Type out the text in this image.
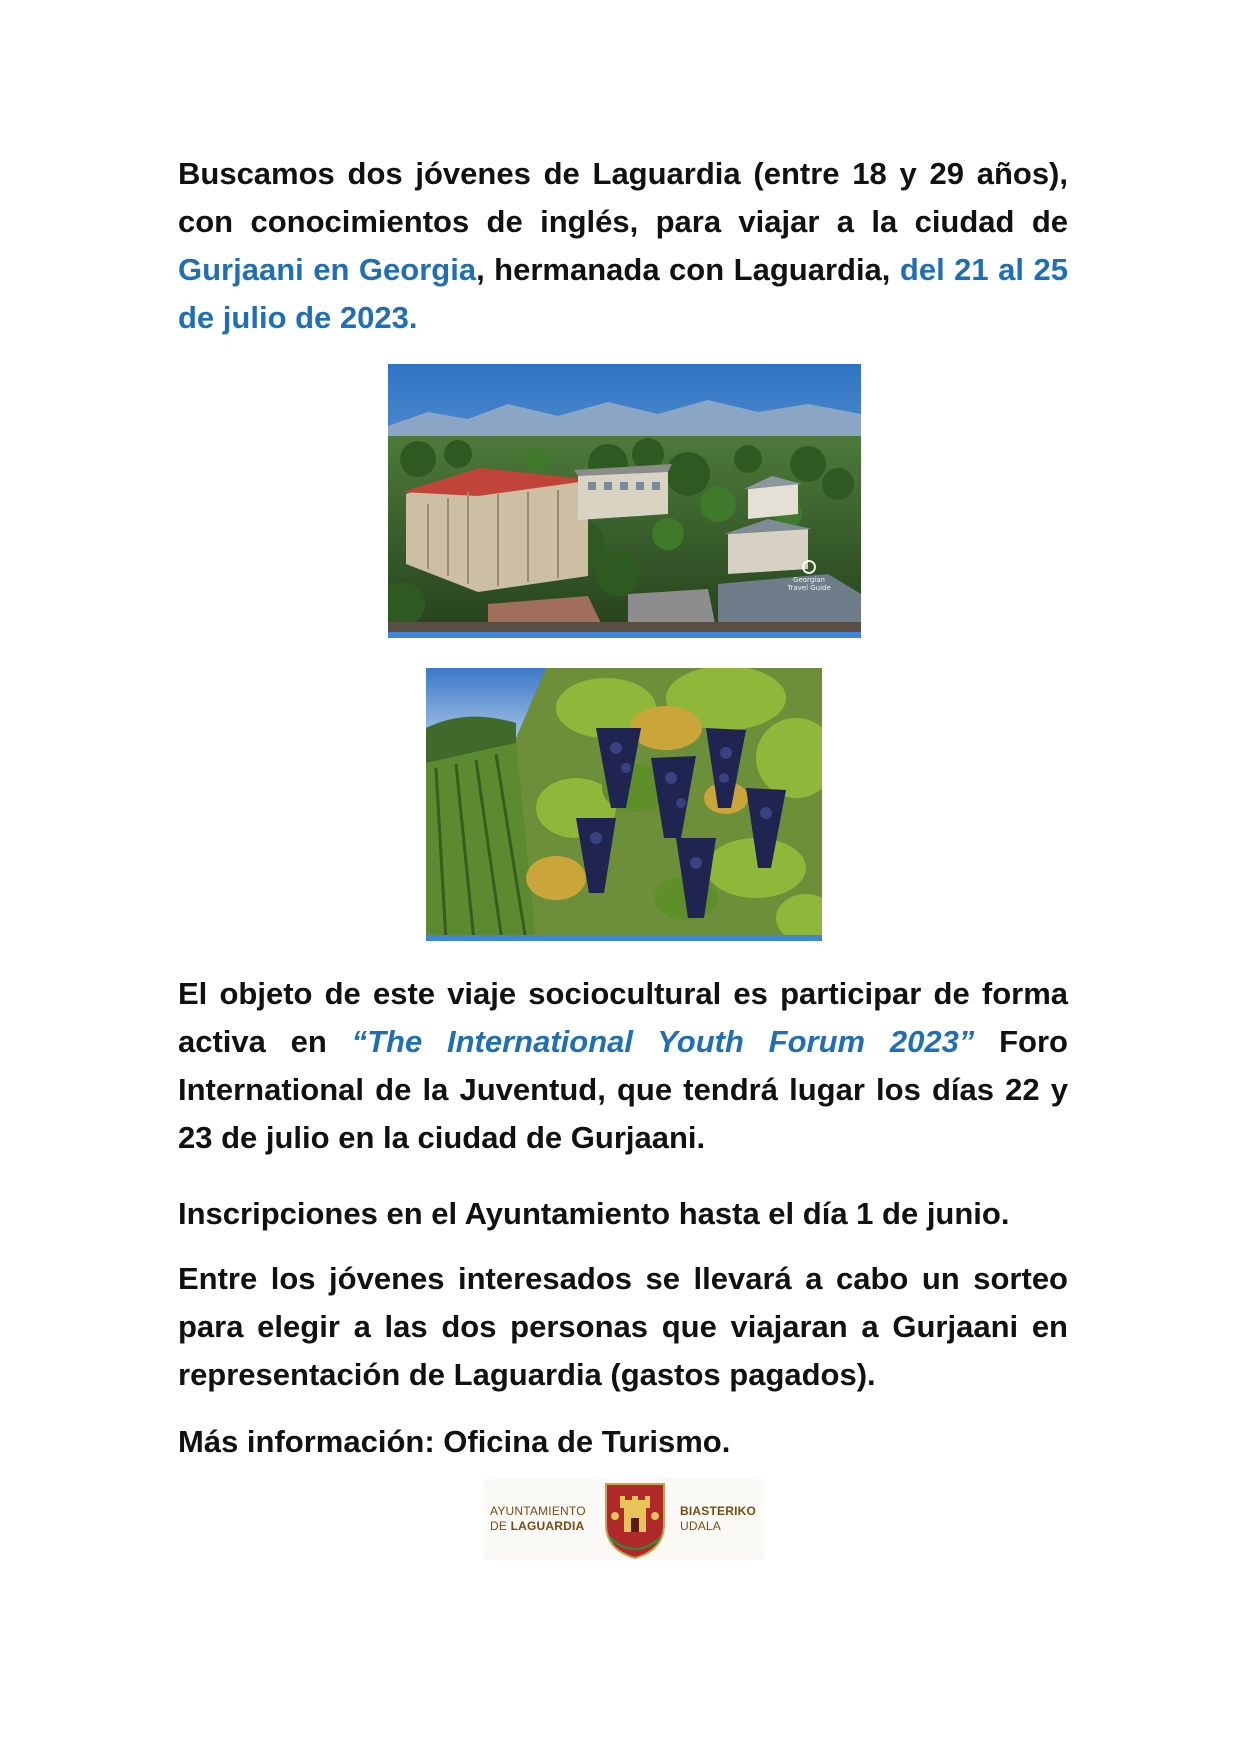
Buscamos dos jóvenes de Laguardia (entre 18 y 29 años), con conocimientos de inglés, para viajar a la ciudad de Gurjaani en Georgia, hermanada con Laguardia, del 21 al 25 de julio de 2023.

Georgian
Travel Guide

El objeto de este viaje sociocultural es participar de forma activa en “The International Youth Forum 2023” Foro International de la Juventud, que tendrá lugar los días 22 y 23 de julio en la ciudad de Gurjaani.

Inscripciones en el Ayuntamiento hasta el día 1 de junio.

Entre los jóvenes interesados se llevará a cabo un sorteo para elegir a las dos personas que viajaran a Gurjaani en representación de Laguardia (gastos pagados).

Más información: Oficina de Turismo.

AYUNTAMIENTO
DE LAGUARDIA
BIASTERIKO
UDALA
